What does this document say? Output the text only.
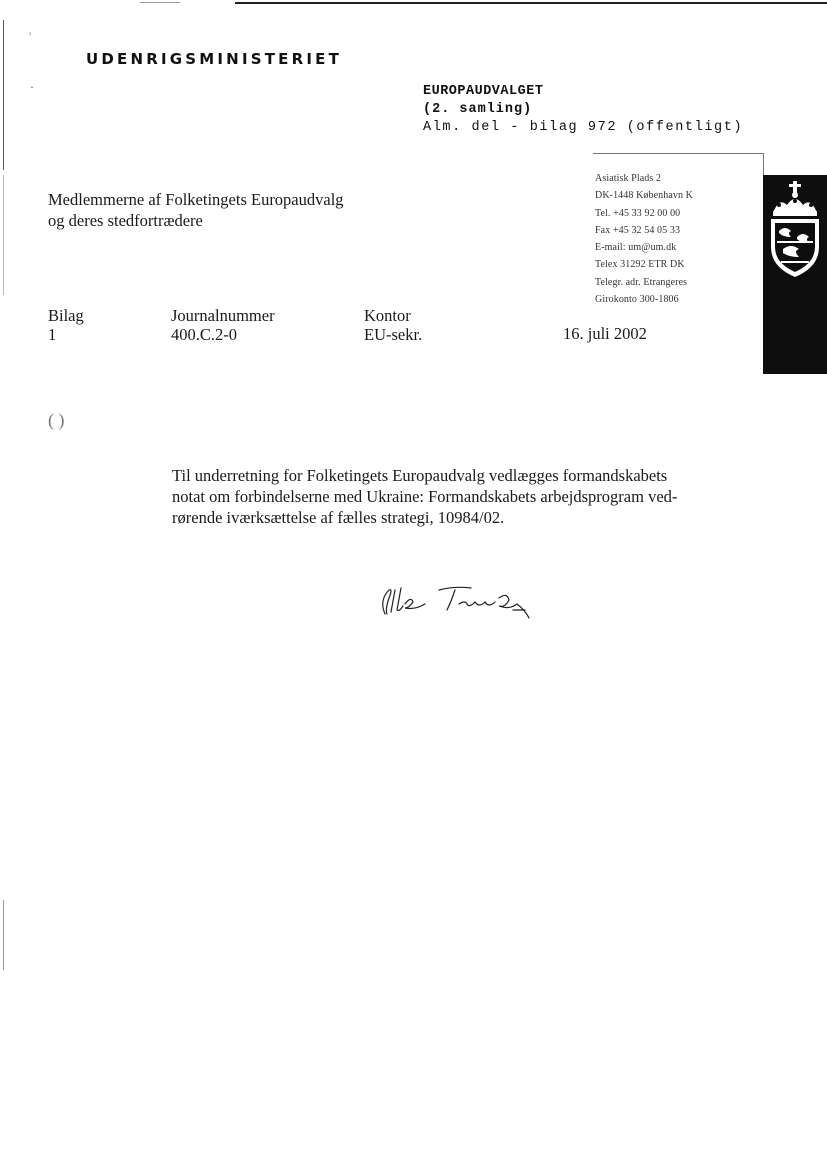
ʾ
·
UDENRIGSMINISTERIET
EUROPAUDVALGET
(2. samling)
Alm. del - bilag 972 (offentligt)
Medlemmerne af Folketingets Europaudvalg
og deres stedfortrædere
Asiatisk Plads 2
DK-1448 København K
Tel. +45 33 92 00 00
Fax +45 32 54 05 33
E-mail: um@um.dk
Telex 31292 ETR DK
Telegr. adr. Etrangeres
Girokonto 300-1806
Bilag
1
Journalnummer
400.C.2-0
Kontor
EU-sekr.	16. juli 2002
( )
Til underretning for Folketingets Europaudvalg vedlægges formandskabets
notat om forbindelserne med Ukraine: Formandskabets arbejdsprogram ved-
rørende iværksættelse af fælles strategi, 10984/02.
